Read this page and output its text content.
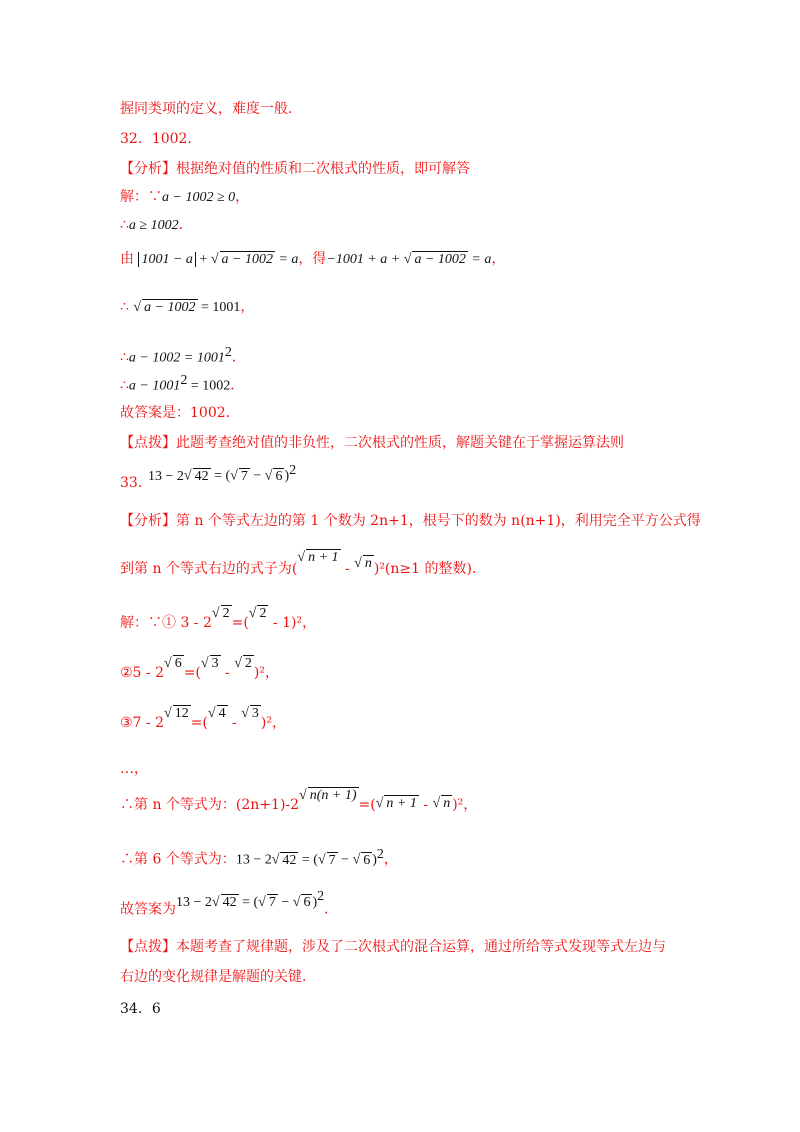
握同类项的定义，难度一般．
32．1002．
【分析】根据绝对值的性质和二次根式的性质，即可解答
解：∵a − 1002 ≥ 0，
∴a ≥ 1002．
由 1001 − a + √ a − 1002 = a，得−1001 + a + √ a − 1002 = a，
∴ √ a − 1002 = 1001，
∴a − $1002 = 1001^2$．
∴a − $1001^2 = 1002$．
故答案是：1002．
【点拨】此题考查绝对值的非负性，二次根式的性质，解题关键在于掌握运算法则
13 − 2√ 42 = (√ 7 − √ 6 )$^2$
33．
【分析】第 n 个等式左边的第 1 个数为 2n+1，根号下的数为 n(n+1)，利用完全平方公式得
到第 n 个等式右边的式子为(√ n + 1 - √ n )²(n≥1 的整数)．
解：∵① 3 - 2√ 2=(√ 2 - 1)²，
②5 - 2√ 6=(√ 3 - √ 2)²，
③7 - 2√ 12=(√ 4 - √ 3)²，
…，
∴第 n 个等式为：(2n+1)-2√ n(n + 1)=(√ n + 1 - √ n )²，
∴第 6 个等式为：13 − 2√ 42 = (√ 7 − √ 6 )$^2$，
故答案为13 − 2√ 42 = (√ 7 − √ 6 )$^2$．
【点拨】本题考查了规律题，涉及了二次根式的混合运算，通过所给等式发现等式左边与
右边的变化规律是解题的关键．
34．6
